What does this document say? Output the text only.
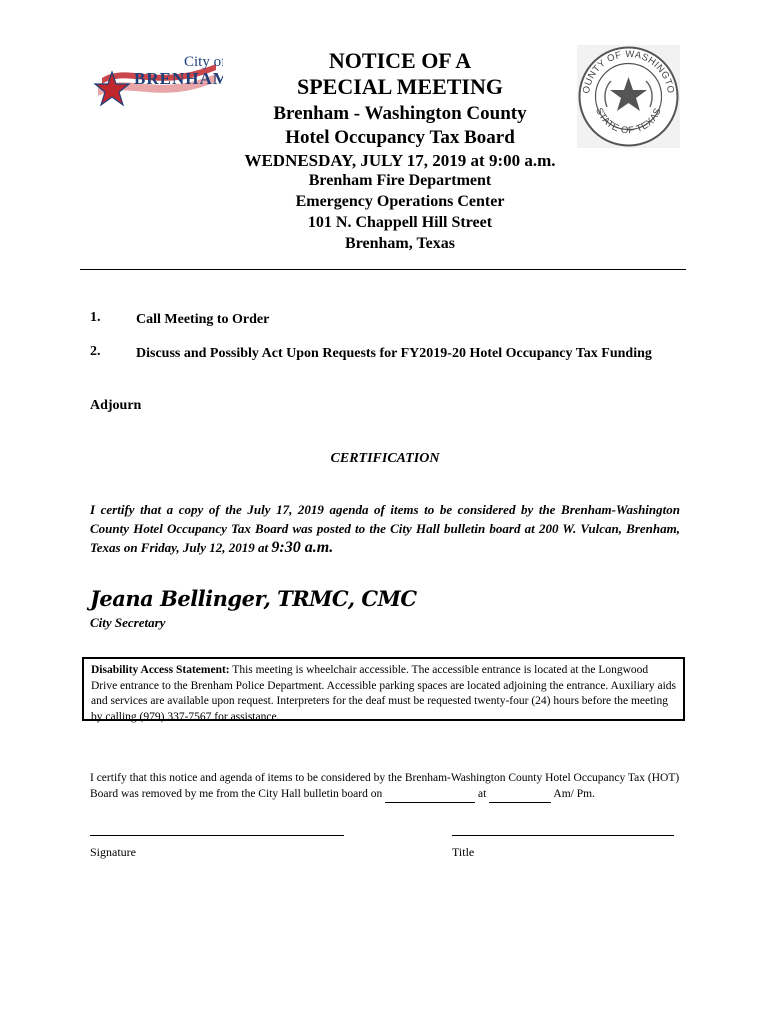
City of
BRENHAM
OUNTY OF WASHINGTO
STATE OF TEXAS
NOTICE OF A
SPECIAL MEETING
Brenham - Washington County
Hotel Occupancy Tax Board
WEDNESDAY, JULY 17, 2019 at 9:00 a.m.
Brenham Fire Department
Emergency Operations Center
101 N. Chappell Hill Street
Brenham, Texas
1.	Call Meeting to Order
2.	Discuss and Possibly Act Upon Requests for FY2019-20 Hotel Occupancy Tax Funding
Adjourn
CERTIFICATION
I certify that a copy of the July 17, 2019 agenda of items to be considered by the Brenham-Washington County Hotel Occupancy Tax Board was posted to the City Hall bulletin board at 200 W. Vulcan, Brenham, Texas on Friday, July 12, 2019 at 9:30 a.m.
Jeana Bellinger, TRMC, CMC
City Secretary
Disability Access Statement: This meeting is wheelchair accessible. The accessible entrance is located at the Longwood Drive entrance to the Brenham Police Department. Accessible parking spaces are located adjoining the entrance. Auxiliary aids and services are available upon request. Interpreters for the deaf must be requested twenty-four (24) hours before the meeting by calling (979) 337-7567 for assistance.
I certify that this notice and agenda of items to be considered by the Brenham-Washington County Hotel Occupancy Tax (HOT) Board was removed by me from the City Hall bulletin board on	at	Am/ Pm.
Signature	Title
